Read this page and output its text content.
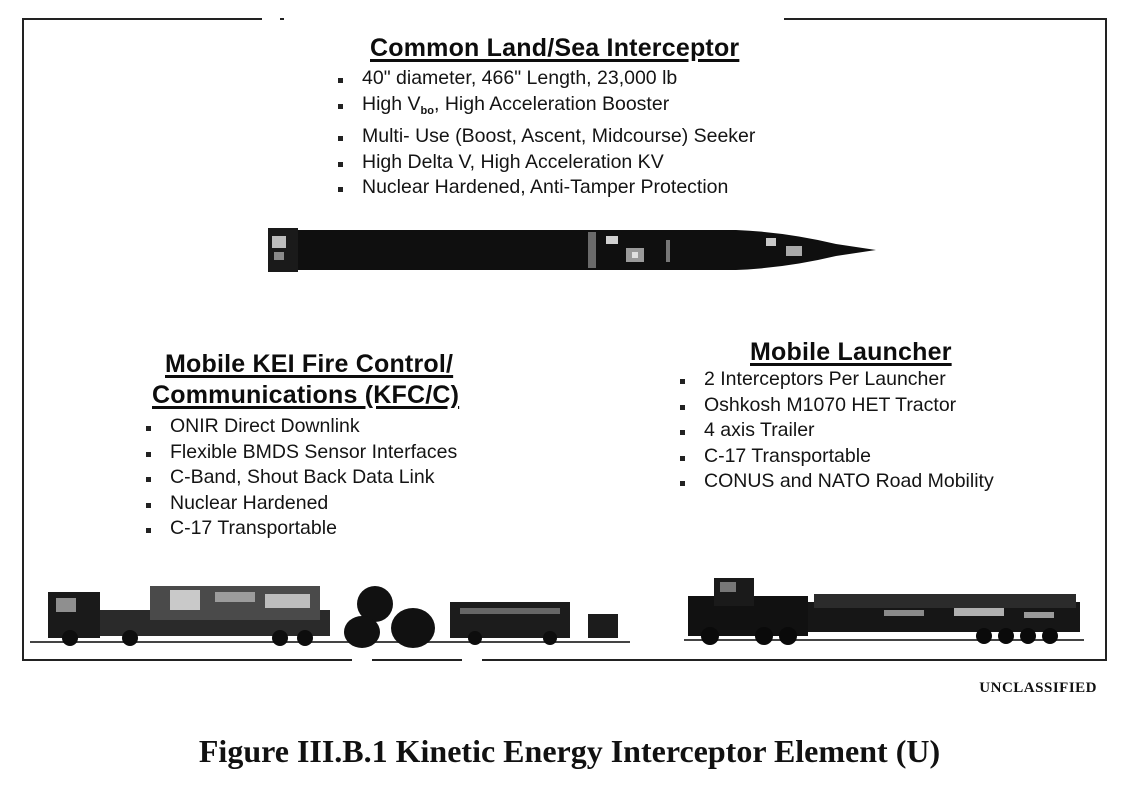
Common Land/Sea Interceptor
40" diameter, 466" Length, 23,000 lb
High $V_{bo}$, High Acceleration Booster
Multi- Use (Boost, Ascent, Midcourse) Seeker
High Delta V, High Acceleration KV
Nuclear Hardened, Anti-Tamper Protection
Mobile KEI Fire Control/
Communications (KFC/C)
ONIR Direct Downlink
Flexible BMDS Sensor Interfaces
C-Band, Shout Back Data Link
Nuclear Hardened
C-17 Transportable
Mobile Launcher
2 Interceptors Per Launcher
Oshkosh M1070 HET Tractor
4 axis Trailer
C-17 Transportable
CONUS and NATO Road Mobility
UNCLASSIFIED
Figure III.B.1 Kinetic Energy Interceptor Element (U)
